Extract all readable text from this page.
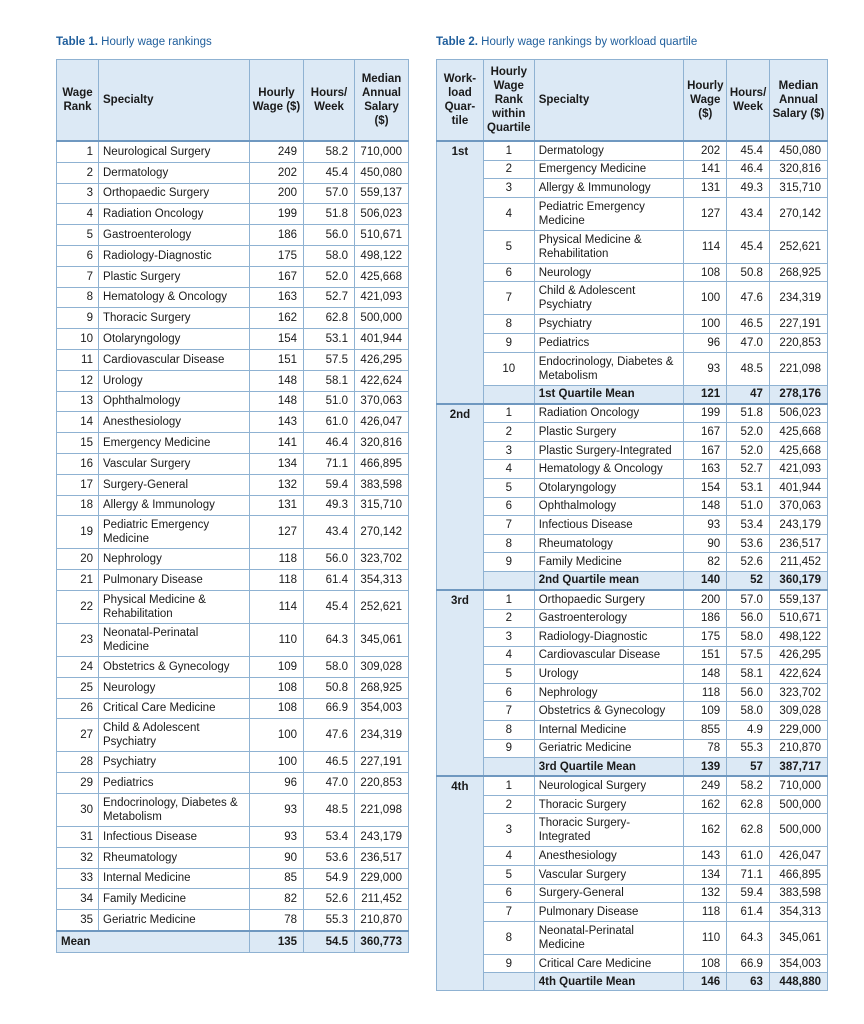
Table 1. Hourly wage rankings	Table 2. Hourly wage rankings by workload quartile
Wage Rank	Specialty	Hourly Wage ($)	Hours/ Week	Median Annual Salary ($)
1	Neurological Surgery	249	58.2	710,000
2	Dermatology	202	45.4	450,080
3	Orthopaedic Surgery	200	57.0	559,137
4	Radiation Oncology	199	51.8	506,023
5	Gastroenterology	186	56.0	510,671
6	Radiology-Diagnostic	175	58.0	498,122
7	Plastic Surgery	167	52.0	425,668
8	Hematology & Oncology	163	52.7	421,093
9	Thoracic Surgery	162	62.8	500,000
10	Otolaryngology	154	53.1	401,944
11	Cardiovascular Disease	151	57.5	426,295
12	Urology	148	58.1	422,624
13	Ophthalmology	148	51.0	370,063
14	Anesthesiology	143	61.0	426,047
15	Emergency Medicine	141	46.4	320,816
16	Vascular Surgery	134	71.1	466,895
17	Surgery-General	132	59.4	383,598
18	Allergy & Immunology	131	49.3	315,710
19	Pediatric Emergency Medicine	127	43.4	270,142
20	Nephrology	118	56.0	323,702
21	Pulmonary Disease	118	61.4	354,313
22	Physical Medicine & Rehabilitation	114	45.4	252,621
23	Neonatal-Perinatal Medicine	110	64.3	345,061
24	Obstetrics & Gynecology	109	58.0	309,028
25	Neurology	108	50.8	268,925
26	Critical Care Medicine	108	66.9	354,003
27	Child & Adolescent Psychiatry	100	47.6	234,319
28	Psychiatry	100	46.5	227,191
29	Pediatrics	96	47.0	220,853
30	Endocrinology, Diabetes & Metabolism	93	48.5	221,098
31	Infectious Disease	93	53.4	243,179
32	Rheumatology	90	53.6	236,517
33	Internal Medicine	85	54.9	229,000
34	Family Medicine	82	52.6	211,452
35	Geriatric Medicine	78	55.3	210,870
Mean		135	54.5	360,773
Work-load Quar-tile	Hourly Wage Rank within Quartile	Specialty	Hourly Wage ($)	Hours/ Week	Median Annual Salary ($)
1st	1	Dermatology	202	45.4	450,080
	2	Emergency Medicine	141	46.4	320,816
	3	Allergy & Immunology	131	49.3	315,710
	4	Pediatric Emergency Medicine	127	43.4	270,142
	5	Physical Medicine & Rehabilitation	114	45.4	252,621
	6	Neurology	108	50.8	268,925
	7	Child & Adolescent Psychiatry	100	47.6	234,319
	8	Psychiatry	100	46.5	227,191
	9	Pediatrics	96	47.0	220,853
	10	Endocrinology, Diabetes & Metabolism	93	48.5	221,098
		1st Quartile Mean	121	47	278,176
2nd	1	Radiation Oncology	199	51.8	506,023
	2	Plastic Surgery	167	52.0	425,668
	3	Plastic Surgery-Integrated	167	52.0	425,668
	4	Hematology & Oncology	163	52.7	421,093
	5	Otolaryngology	154	53.1	401,944
	6	Ophthalmology	148	51.0	370,063
	7	Infectious Disease	93	53.4	243,179
	8	Rheumatology	90	53.6	236,517
	9	Family Medicine	82	52.6	211,452
		2nd Quartile mean	140	52	360,179
3rd	1	Orthopaedic Surgery	200	57.0	559,137
	2	Gastroenterology	186	56.0	510,671
	3	Radiology-Diagnostic	175	58.0	498,122
	4	Cardiovascular Disease	151	57.5	426,295
	5	Urology	148	58.1	422,624
	6	Nephrology	118	56.0	323,702
	7	Obstetrics & Gynecology	109	58.0	309,028
	8	Internal Medicine	855	4.9	229,000
	9	Geriatric Medicine	78	55.3	210,870
		3rd Quartile Mean	139	57	387,717
4th	1	Neurological Surgery	249	58.2	710,000
	2	Thoracic Surgery	162	62.8	500,000
	3	Thoracic Surgery-Integrated	162	62.8	500,000
	4	Anesthesiology	143	61.0	426,047
	5	Vascular Surgery	134	71.1	466,895
	6	Surgery-General	132	59.4	383,598
	7	Pulmonary Disease	118	61.4	354,313
	8	Neonatal-Perinatal Medicine	110	64.3	345,061
	9	Critical Care Medicine	108	66.9	354,003
		4th Quartile Mean	146	63	448,880
